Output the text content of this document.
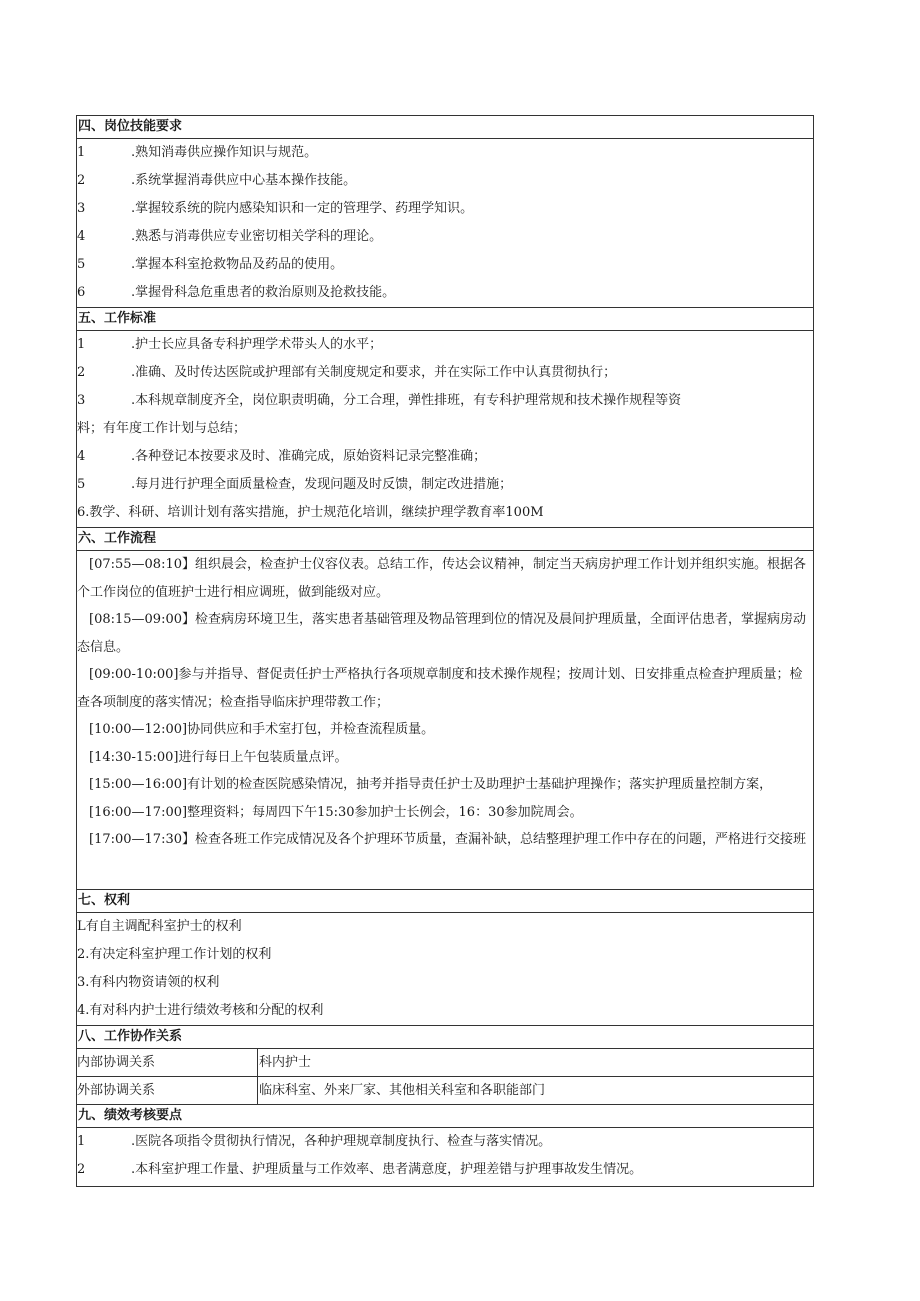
四、岗位技能要求
1	.熟知消毒供应操作知识与规范。
2	.系统掌握消毒供应中心基本操作技能。
3	.掌握较系统的院内感染知识和一定的管理学、药理学知识。
4	.熟悉与消毒供应专业密切相关学科的理论。
5	.掌握本科室抢救物品及药品的使用。
6	.掌握骨科急危重患者的救治原则及抢救技能。
五、工作标准
1	.护士长应具备专科护理学术带头人的水平；
2	.准确、及时传达医院或护理部有关制度规定和要求，并在实际工作中认真贯彻执行；
3	.本科规章制度齐全，岗位职责明确，分工合理，弹性排班，有专科护理常规和技术操作规程等资
料；有年度工作计划与总结；
4	.各种登记本按要求及时、准确完成，原始资料记录完整准确；
5	.每月进行护理全面质量检查，发现问题及时反馈，制定改进措施；
6.教学、科研、培训计划有落实措施，护士规范化培训，继续护理学教育率100M
六、工作流程

[07:55—08:10】组织晨会，检查护士仪容仪表。总结工作，传达会议精神，制定当天病房护理工作计划并组织实施。根据各个工作岗位的值班护士进行相应调班，做到能级对应。

[08:15—09:00】检查病房环境卫生，落实患者基础管理及物品管理到位的情况及晨间护理质量，全面评估患者，掌握病房动态信息。

[09:00-10:00]参与并指导、督促责任护士严格执行各项规章制度和技术操作规程；按周计划、日安排重点检查护理质量；检查各项制度的落实情况；检查指导临床护理带教工作；

[10:00—12:00]协同供应和手术室打包，并检查流程质量。

[14:30-15:00]进行每日上午包装质量点评。

[15:00—16:00]有计划的检查医院感染情况，抽考并指导责任护士及助理护士基础护理操作；落实护理质量控制方案，

[16:00—17:00]整理资料；每周四下午15:30参加护士长例会，16：30参加院周会。

[17:00—17:30】检查各班工作完成情况及各个护理环节质量，查漏补缺，总结整理护理工作中存在的问题，严格进行交接班

七、权利
L有自主调配科室护士的权利
2.有决定科室护理工作计划的权利
3.有科内物资请领的权利
4.有对科内护士进行绩效考核和分配的权利
八、工作协作关系
内部协调关系	科内护士
外部协调关系	临床科室、外来厂家、其他相关科室和各职能部门
九、绩效考核要点
1	.医院各项指令贯彻执行情况，各种护理规章制度执行、检查与落实情况。
2	.本科室护理工作量、护理质量与工作效率、患者满意度，护理差错与护理事故发生情况。
